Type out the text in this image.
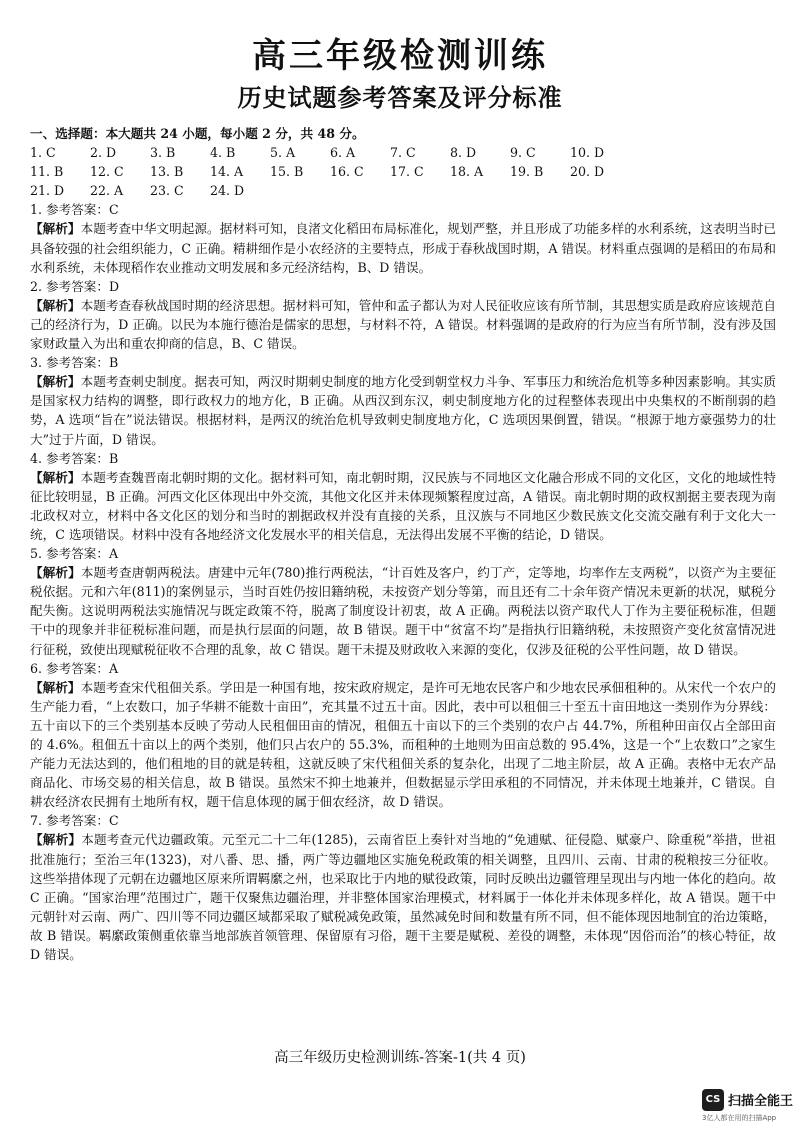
高三年级检测训练
历史试题参考答案及评分标准

一、选择题：本大题共 24 小题，每小题 2 分，共 48 分。

1. C	2. D	3. B	4. B	5. A	6. A	7. C	8. D	9. C	10. D
11. B	12. C	13. B	14. A	15. B	16. C	17. C	18. A	19. B	20. D
21. D	22. A	23. C	24. D

1. 参考答案：C

【解析】本题考查中华文明起源。据材料可知，良渚文化稻田布局标准化，规划严整，并且形成了功能多样的水利系统，这表明当时已具备较强的社会组织能力，C 正确。精耕细作是小农经济的主要特点，形成于春秋战国时期，A 错误。材料重点强调的是稻田的布局和水利系统，未体现稻作农业推动文明发展和多元经济结构，B、D 错误。

2. 参考答案：D

【解析】本题考查春秋战国时期的经济思想。据材料可知，管仲和孟子都认为对人民征收应该有所节制，其思想实质是政府应该规范自己的经济行为，D 正确。以民为本施行德治是儒家的思想，与材料不符，A 错误。材料强调的是政府的行为应当有所节制，没有涉及国家财政量入为出和重农抑商的信息，B、C 错误。

3. 参考答案：B

【解析】本题考查刺史制度。据表可知，两汉时期刺史制度的地方化受到朝堂权力斗争、军事压力和统治危机等多种因素影响。其实质是国家权力结构的调整，即行政权力的地方化，B 正确。从西汉到东汉，刺史制度地方化的过程整体表现出中央集权的不断削弱的趋势，A 选项“旨在”说法错误。根据材料，是两汉的统治危机导致刺史制度地方化，C 选项因果倒置，错误。“根源于地方豪强势力的壮大”过于片面，D 错误。

4. 参考答案：B

【解析】本题考查魏晋南北朝时期的文化。据材料可知，南北朝时期，汉民族与不同地区文化融合形成不同的文化区，文化的地域性特征比较明显，B 正确。河西文化区体现出中外交流，其他文化区并未体现频繁程度过高，A 错误。南北朝时期的政权割据主要表现为南北政权对立，材料中各文化区的划分和当时的割据政权并没有直接的关系，且汉族与不同地区少数民族文化交流交融有利于文化大一统，C 选项错误。材料中没有各地经济文化发展水平的相关信息，无法得出发展不平衡的结论，D 错误。

5. 参考答案：A

【解析】本题考查唐朝两税法。唐建中元年(780)推行两税法，“计百姓及客户，约丁产，定等地，均率作左支两税”，以资产为主要征税依据。元和六年(811)的案例显示，当时百姓仍按旧籍纳税，未按资产划分等第，而且还有二十余年资产情况未更新的状况，赋税分配失衡。这说明两税法实施情况与既定政策不符，脱离了制度设计初衷，故 A 正确。两税法以资产取代人丁作为主要征税标准，但题干中的现象并非征税标准问题，而是执行层面的问题，故 B 错误。题干中“贫富不均”是指执行旧籍纳税，未按照资产变化贫富情况进行征税，致使出现赋税征收不合理的乱象，故 C 错误。题干未提及财政收入来源的变化，仅涉及征税的公平性问题，故 D 错误。

6. 参考答案：A

【解析】本题考查宋代租佃关系。学田是一种国有地，按宋政府规定，是许可无地农民客户和少地农民承佃租种的。从宋代一个农户的生产能力看，“上农数口，加子华耕不能数十亩田”，充其量不过五十亩。因此，表中可以租佃三十至五十亩田地这一类别作为分界线：五十亩以下的三个类别基本反映了劳动人民租佃田亩的情况，租佃五十亩以下的三个类别的农户占 44.7%，所租种田亩仅占全部田亩的 4.6%。租佃五十亩以上的两个类别，他们只占农户的 55.3%，而租种的土地则为田亩总数的 95.4%，这是一个“上农数口”之家生产能力无法达到的，他们租地的目的就是转租，这就反映了宋代租佃关系的复杂化，出现了二地主阶层，故 A 正确。表格中无农产品商品化、市场交易的相关信息，故 B 错误。虽然宋不抑土地兼并，但数据显示学田承租的不同情况，并未体现土地兼并，C 错误。自耕农经济农民拥有土地所有权，题干信息体现的属于佃农经济，故 D 错误。

7. 参考答案：C

【解析】本题考查元代边疆政策。元至元二十二年(1285)，云南省臣上奏针对当地的“免逋赋、征侵隐、赋豪户、除重税”举措，世祖批准施行；至治三年(1323)，对八番、思、播，两广等边疆地区实施免税政策的相关调整，且四川、云南、甘肃的税粮按三分征收。这些举措体现了元朝在边疆地区原来所谓羁縻之州，也采取比于内地的赋役政策，同时反映出边疆管理呈现出与内地一体化的趋向。故 C 正确。“国家治理”范围过广，题干仅聚焦边疆治理，并非整体国家治理模式，材料属于一体化并未体现多样化，故 A 错误。题干中元朝针对云南、两广、四川等不同边疆区域都采取了赋税减免政策，虽然减免时间和数量有所不同，但不能体现因地制宜的治边策略，故 B 错误。羁縻政策侧重依靠当地部族首领管理、保留原有习俗，题干主要是赋税、差役的调整，未体现“因俗而治”的核心特征，故 D 错误。

高三年级历史检测训练-答案-1(共 4 页)
CS 扫描全能王
3亿人都在用的扫描App
